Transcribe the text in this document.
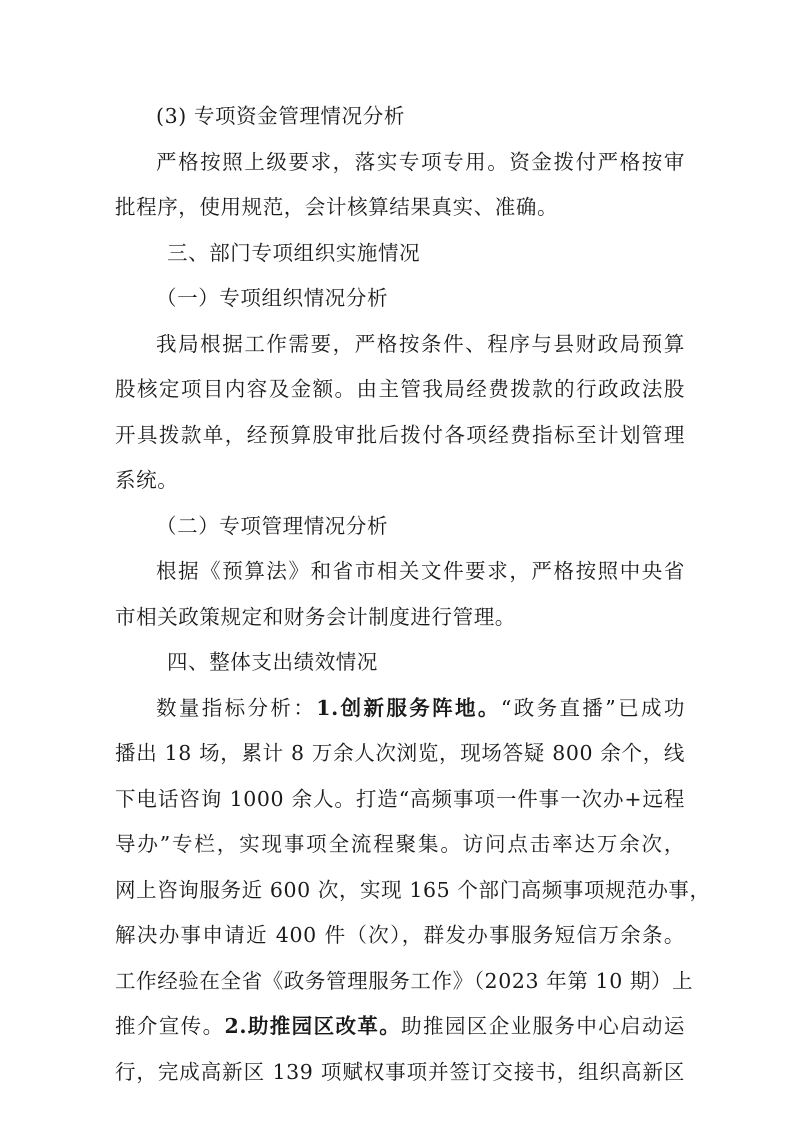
(3) 专项资金管理情况分析
严格按照上级要求，落实专项专用。资金拨付严格按审
批程序，使用规范，会计核算结果真实、准确。
三、部门专项组织实施情况
（一）专项组织情况分析
我局根据工作需要，严格按条件、程序与县财政局预算
股核定项目内容及金额。由主管我局经费拨款的行政政法股
开具拨款单，经预算股审批后拨付各项经费指标至计划管理
系统。
（二）专项管理情况分析
根据《预算法》和省市相关文件要求，严格按照中央省
市相关政策规定和财务会计制度进行管理。
四、整体支出绩效情况
数量指标分析：1.创新服务阵地。“政务直播”已成功
播出 18 场，累计 8 万余人次浏览，现场答疑 800 余个，线
下电话咨询 1000 余人。打造“高频事项一件事一次办+远程
导办”专栏，实现事项全流程聚集。访问点击率达万余次，
网上咨询服务近 600 次，实现 165 个部门高频事项规范办事，
解决办事申请近 400 件（次），群发办事服务短信万余条。
工作经验在全省《政务管理服务工作》（2023 年第 10 期）上
推介宣传。2.助推园区改革。助推园区企业服务中心启动运
行，完成高新区 139 项赋权事项并签订交接书，组织高新区
